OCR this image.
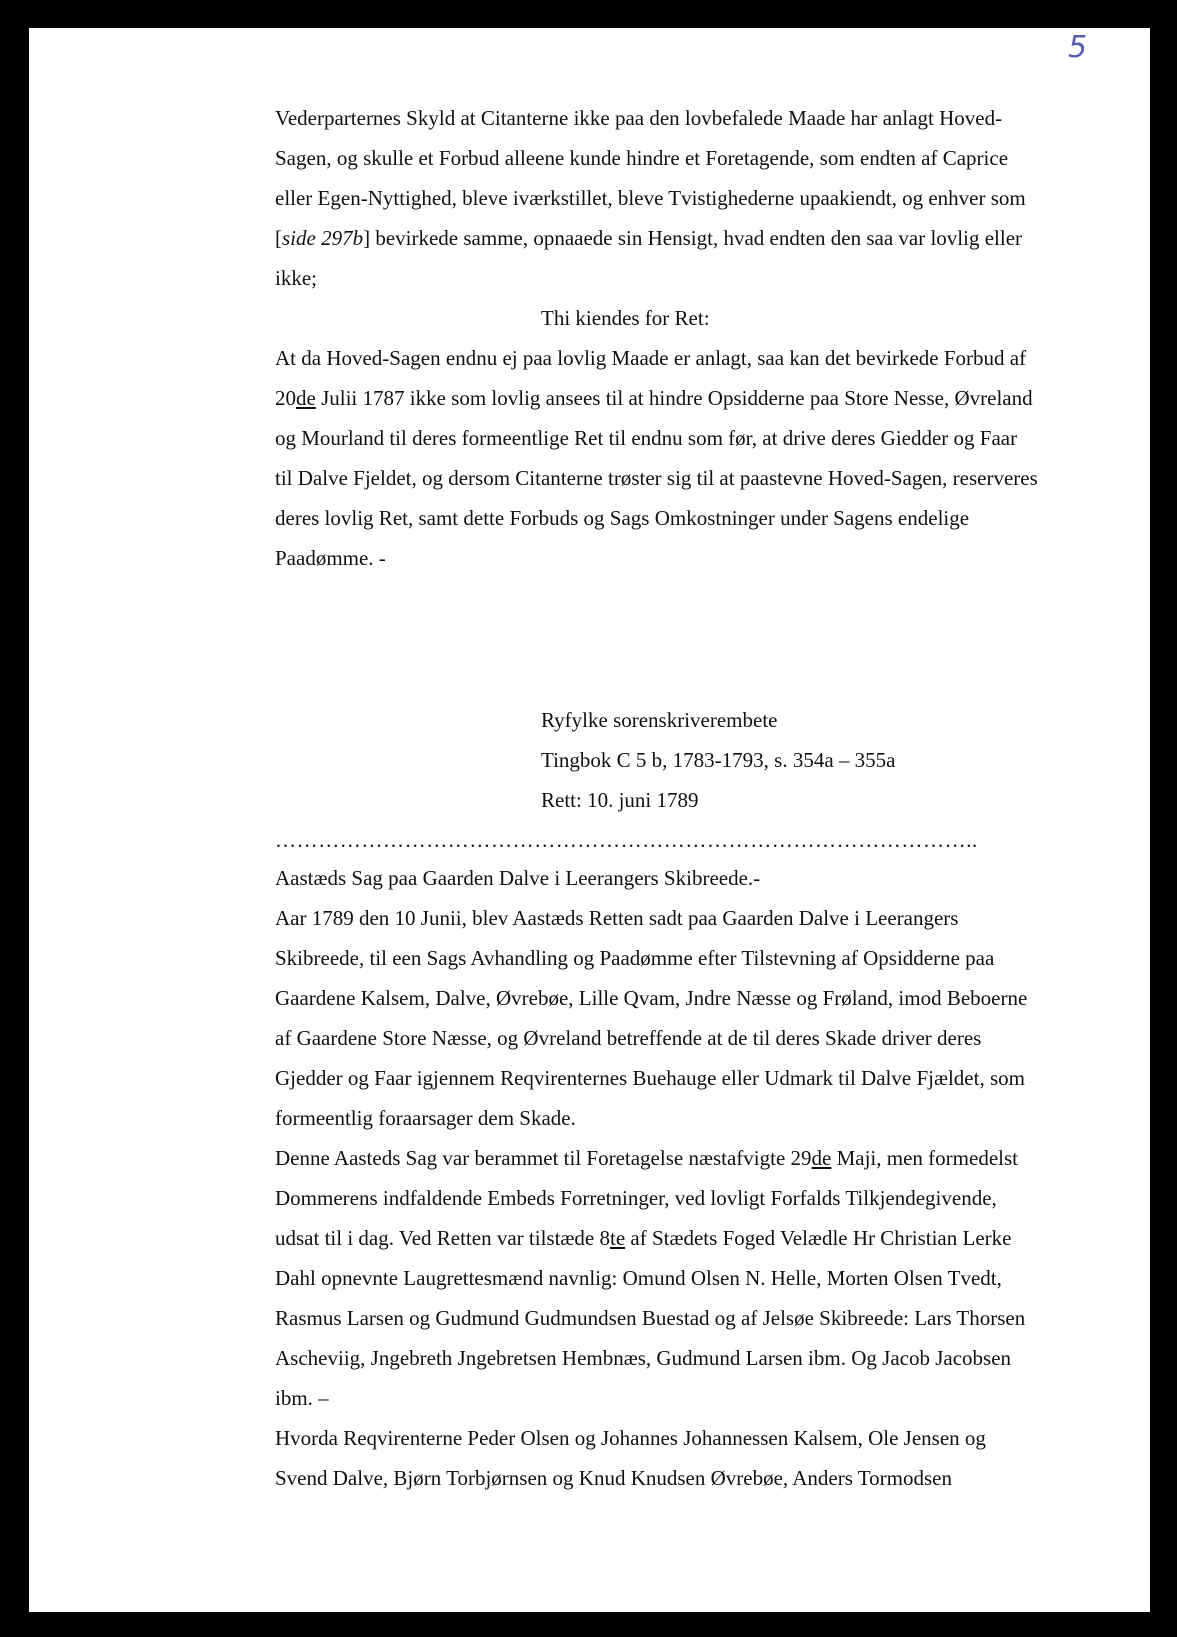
5
Vederparternes Skyld at Citanterne ikke paa den lovbefalede Maade har anlagt Hoved-
Sagen, og skulle et Forbud alleene kunde hindre et Foretagende, som endten af Caprice
eller Egen-Nyttighed, bleve iværkstillet, bleve Tvistighederne upaakiendt, og enhver som
[side 297b] bevirkede samme, opnaaede sin Hensigt, hvad endten den saa var lovlig eller
ikke;
Thi kiendes for Ret:
At da Hoved-Sagen endnu ej paa lovlig Maade er anlagt, saa kan det bevirkede Forbud af
20de Julii 1787 ikke som lovlig ansees til at hindre Opsidderne paa Store Nesse, Øvreland
og Mourland til deres formeentlige Ret til endnu som før, at drive deres Giedder og Faar
til Dalve Fjeldet, og dersom Citanterne trøster sig til at paastevne Hoved-Sagen, reserveres
deres lovlig Ret, samt dette Forbuds og Sags Omkostninger under Sagens endelige
Paadømme. -
Ryfylke sorenskriverembete
Tingbok C 5 b, 1783-1793, s. 354a – 355a
Rett: 10. juni 1789
……………………………………………………………………………………..
Aastæds Sag paa Gaarden Dalve i Leerangers Skibreede.-
Aar 1789 den 10 Junii, blev Aastæds Retten sadt paa Gaarden Dalve i Leerangers
Skibreede, til een Sags Avhandling og Paadømme efter Tilstevning af Opsidderne paa
Gaardene Kalsem, Dalve, Øvrebøe, Lille Qvam, Jndre Næsse og Frøland, imod Beboerne
af Gaardene Store Næsse, og Øvreland betreffende at de til deres Skade driver deres
Gjedder og Faar igjennem Reqvirenternes Buehauge eller Udmark til Dalve Fjældet, som
formeentlig foraarsager dem Skade.
Denne Aasteds Sag var berammet til Foretagelse næstafvigte 29de Maji, men formedelst
Dommerens indfaldende Embeds Forretninger, ved lovligt Forfalds Tilkjendegivende,
udsat til i dag. Ved Retten var tilstæde 8te af Stædets Foged Velædle Hr Christian Lerke
Dahl opnevnte Laugrettesmænd navnlig: Omund Olsen N. Helle, Morten Olsen Tvedt,
Rasmus Larsen og Gudmund Gudmundsen Buestad og af Jelsøe Skibreede: Lars Thorsen
Ascheviig, Jngebreth Jngebretsen Hembnæs, Gudmund Larsen ibm. Og Jacob Jacobsen
ibm. –
Hvorda Reqvirenterne Peder Olsen og Johannes Johannessen Kalsem, Ole Jensen og
Svend Dalve, Bjørn Torbjørnsen og Knud Knudsen Øvrebøe, Anders Tormodsen
